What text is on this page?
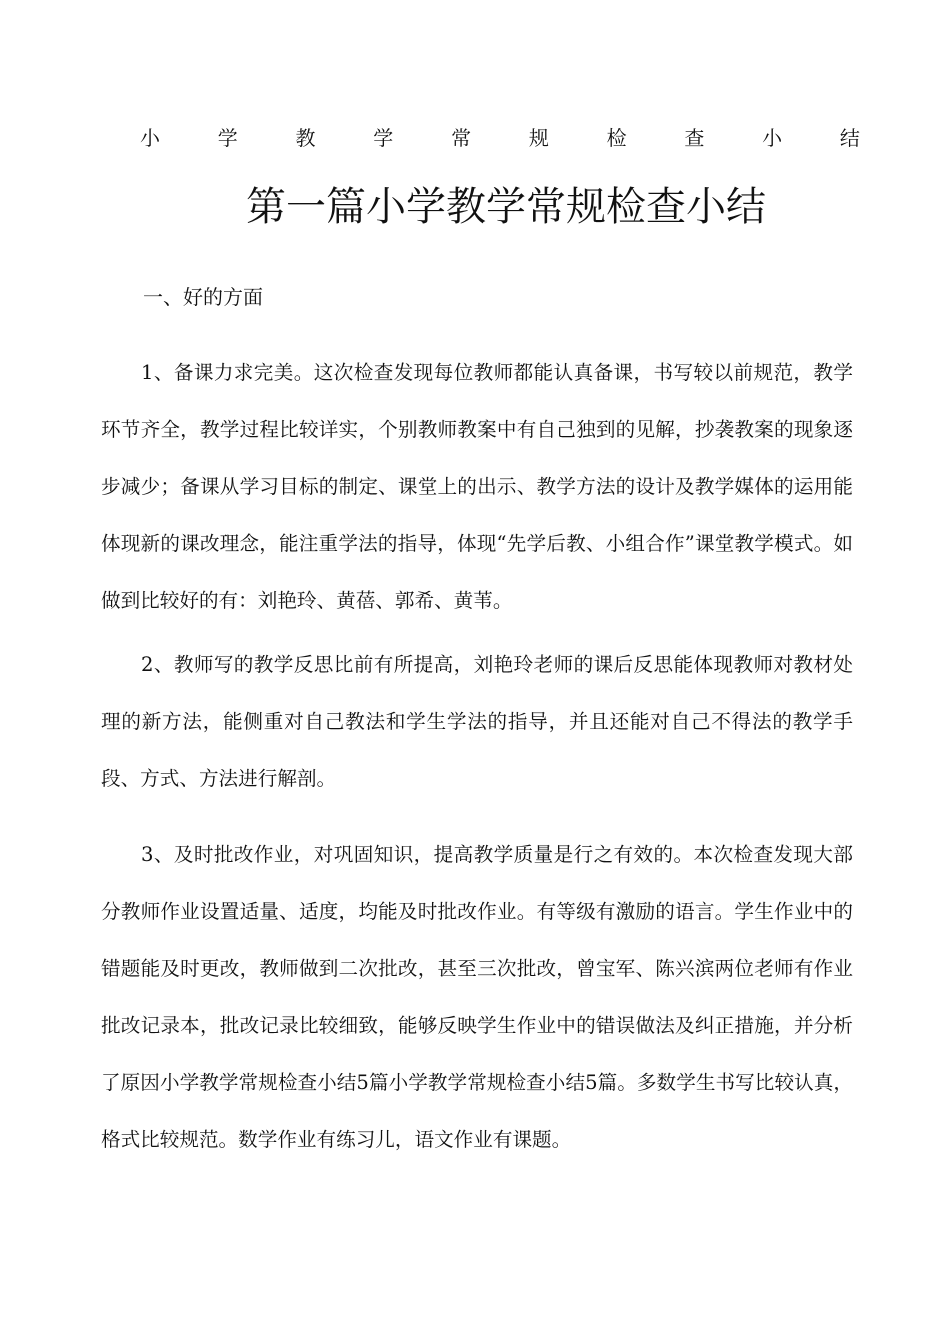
小	学	教	学	常	规	检	查	小	结
第一篇小学教学常规检查小结
一、好的方面

1、备课力求完美。这次检查发现每位教师都能认真备课，书写较以前规范，教学环节齐全，教学过程比较详实，个别教师教案中有自己独到的见解，抄袭教案的现象逐步减少；备课从学习目标的制定、课堂上的出示、教学方法的设计及教学媒体的运用能体现新的课改理念，能注重学法的指导，体现“先学后教、小组合作”课堂教学模式。如做到比较好的有：刘艳玲、黄蓓、郭希、黄苇。

2、教师写的教学反思比前有所提高，刘艳玲老师的课后反思能体现教师对教材处理的新方法，能侧重对自己教法和学生学法的指导，并且还能对自己不得法的教学手段、方式、方法进行解剖。

3、及时批改作业，对巩固知识，提高教学质量是行之有效的。本次检查发现大部分教师作业设置适量、适度，均能及时批改作业。有等级有激励的语言。学生作业中的错题能及时更改，教师做到二次批改，甚至三次批改，曾宝军、陈兴滨两位老师有作业批改记录本，批改记录比较细致，能够反映学生作业中的错误做法及纠正措施，并分析了原因小学教学常规检查小结5篇小学教学常规检查小结5篇。多数学生书写比较认真，格式比较规范。数学作业有练习儿，语文作业有课题。
